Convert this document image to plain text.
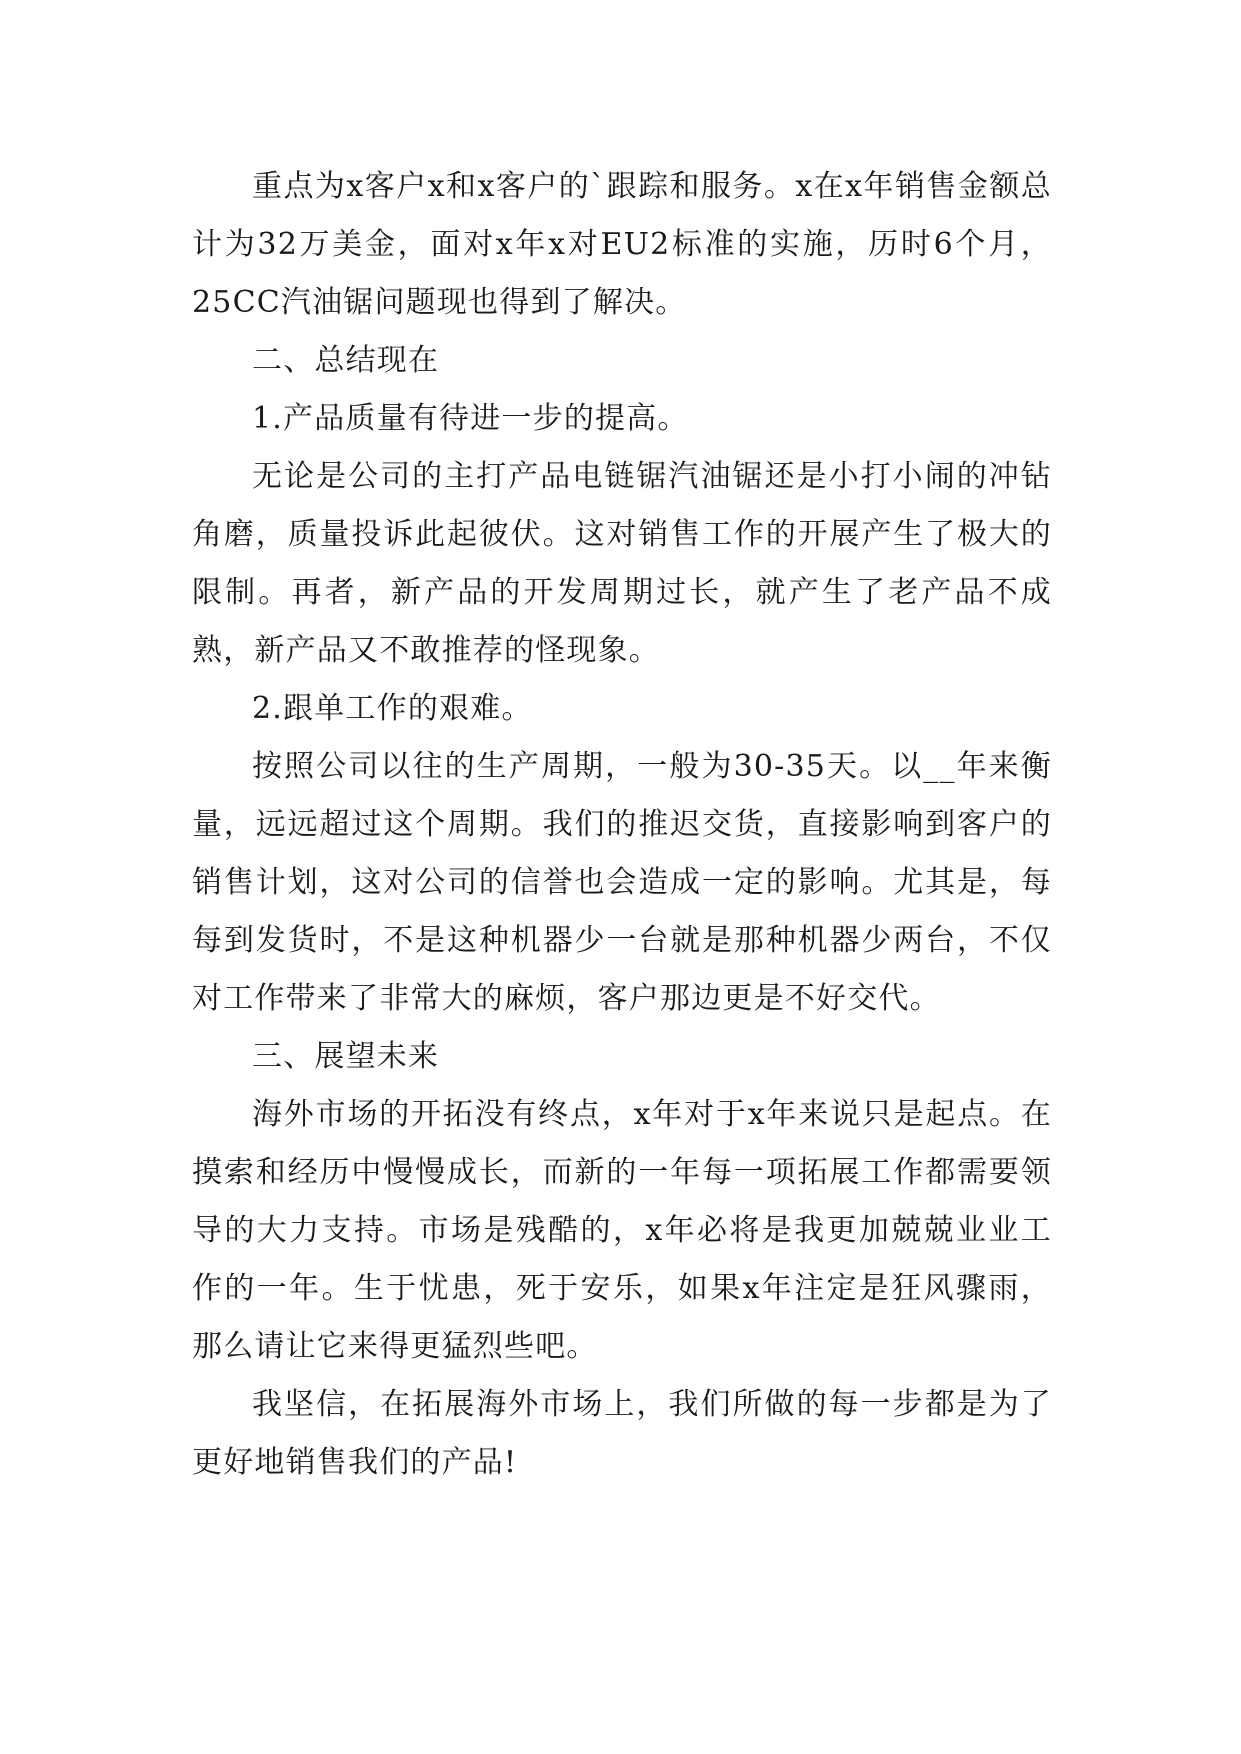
重点为x客户x和x客户的`跟踪和服务。x在x年销售金额总计为32万美金，面对x年x对EU2标准的实施，历时6个月，25CC汽油锯问题现也得到了解决。

二、总结现在

1.产品质量有待进一步的提高。

无论是公司的主打产品电链锯汽油锯还是小打小闹的冲钻角磨，质量投诉此起彼伏。这对销售工作的开展产生了极大的限制。再者，新产品的开发周期过长，就产生了老产品不成熟，新产品又不敢推荐的怪现象。

2.跟单工作的艰难。

按照公司以往的生产周期，一般为30-35天。以__年来衡量，远远超过这个周期。我们的推迟交货，直接影响到客户的销售计划，这对公司的信誉也会造成一定的影响。尤其是，每每到发货时，不是这种机器少一台就是那种机器少两台，不仅对工作带来了非常大的麻烦，客户那边更是不好交代。

三、展望未来

海外市场的开拓没有终点，x年对于x年来说只是起点。在摸索和经历中慢慢成长，而新的一年每一项拓展工作都需要领导的大力支持。市场是残酷的，x年必将是我更加兢兢业业工作的一年。生于忧患，死于安乐，如果x年注定是狂风骤雨，那么请让它来得更猛烈些吧。

我坚信，在拓展海外市场上，我们所做的每一步都是为了更好地销售我们的产品!
